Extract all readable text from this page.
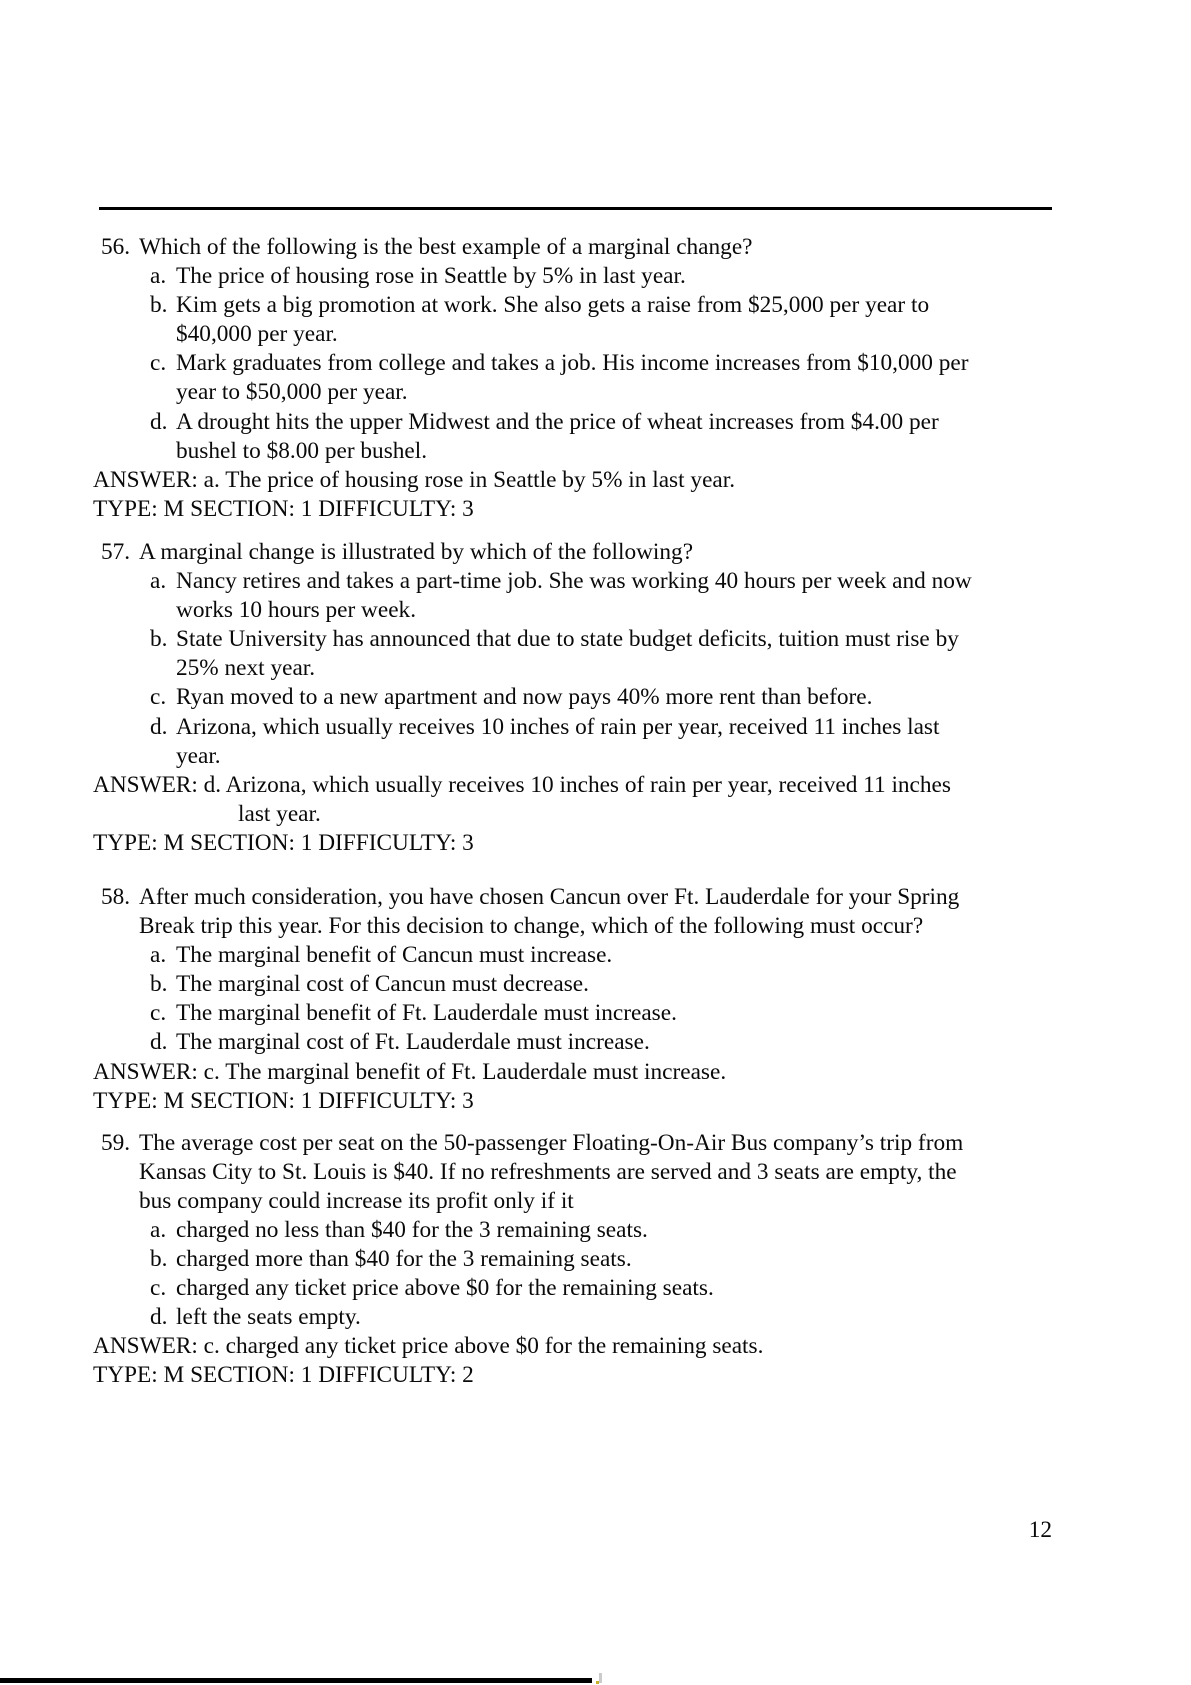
56. Which of the following is the best example of a marginal change?
a. The price of housing rose in Seattle by 5% in last year.
b. Kim gets a big promotion at work. She also gets a raise from $25,000 per year to
$40,000 per year.
c. Mark graduates from college and takes a job. His income increases from $10,000 per
year to $50,000 per year.
d. A drought hits the upper Midwest and the price of wheat increases from $4.00 per
bushel to $8.00 per bushel.
ANSWER: a. The price of housing rose in Seattle by 5% in last year.
TYPE: M SECTION: 1 DIFFICULTY: 3
57. A marginal change is illustrated by which of the following?
a. Nancy retires and takes a part-time job. She was working 40 hours per week and now
works 10 hours per week.
b. State University has announced that due to state budget deficits, tuition must rise by
25% next year.
c. Ryan moved to a new apartment and now pays 40% more rent than before.
d. Arizona, which usually receives 10 inches of rain per year, received 11 inches last
year.
ANSWER: d. Arizona, which usually receives 10 inches of rain per year, received 11 inches
last year.
TYPE: M SECTION: 1 DIFFICULTY: 3
58. After much consideration, you have chosen Cancun over Ft. Lauderdale for your Spring
Break trip this year. For this decision to change, which of the following must occur?
a. The marginal benefit of Cancun must increase.
b. The marginal cost of Cancun must decrease.
c. The marginal benefit of Ft. Lauderdale must increase.
d. The marginal cost of Ft. Lauderdale must increase.
ANSWER: c. The marginal benefit of Ft. Lauderdale must increase.
TYPE: M SECTION: 1 DIFFICULTY: 3
59. The average cost per seat on the 50-passenger Floating-On-Air Bus company’s trip from
Kansas City to St. Louis is $40. If no refreshments are served and 3 seats are empty, the
bus company could increase its profit only if it
a. charged no less than $40 for the 3 remaining seats.
b. charged more than $40 for the 3 remaining seats.
c. charged any ticket price above $0 for the remaining seats.
d. left the seats empty.
ANSWER: c. charged any ticket price above $0 for the remaining seats.
TYPE: M SECTION: 1 DIFFICULTY: 2
12
